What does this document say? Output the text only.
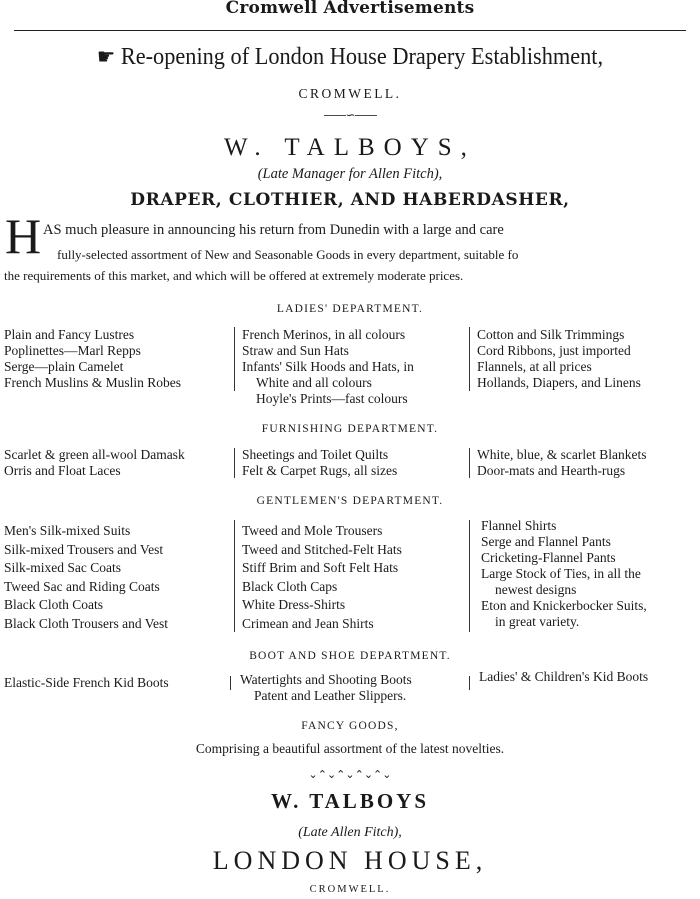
Cromwell Advertisements
☛ Re-opening of London House Drapery Establishment,
CROMWELL.
——∽——
W. TALBOYS,
(Late Manager for Allen Fitch),
DRAPER, CLOTHIER, AND HABERDASHER,
H AS much pleasure in announcing his return from Dunedin with a large and care
fully-selected assortment of New and Seasonable Goods in every department, suitable fo
the requirements of this market, and which will be offered at extremely moderate prices.
LADIES' DEPARTMENT.
Plain and Fancy Lustres
Poplinettes—Marl Repps
Serge—plain Camelet
French Muslins & Muslin Robes
French Merinos, in all colours
Straw and Sun Hats
Infants' Silk Hoods and Hats, in
White and all colours
Hoyle's Prints—fast colours
Cotton and Silk Trimmings
Cord Ribbons, just imported
Flannels, at all prices
Hollands, Diapers, and Linens
FURNISHING DEPARTMENT.
Scarlet & green all-wool Damask
Orris and Float Laces
Sheetings and Toilet Quilts
Felt & Carpet Rugs, all sizes
White, blue, & scarlet Blankets
Door-mats and Hearth-rugs
GENTLEMEN'S DEPARTMENT.
Men's Silk-mixed Suits
Silk-mixed Trousers and Vest
Silk-mixed Sac Coats
Tweed Sac and Riding Coats
Black Cloth Coats
Black Cloth Trousers and Vest
Tweed and Mole Trousers
Tweed and Stitched-Felt Hats
Stiff Brim and Soft Felt Hats
Black Cloth Caps
White Dress-Shirts
Crimean and Jean Shirts
Flannel Shirts
Serge and Flannel Pants
Cricketing-Flannel Pants
Large Stock of Ties, in all the
newest designs
Eton and Knickerbocker Suits,
in great variety.
BOOT AND SHOE DEPARTMENT.
Elastic-Side French Kid Boots	Watertights and Shooting Boots
Patent and Leather Slippers.
Ladies' & Children's Kid Boots
FANCY GOODS,
Comprising a beautiful assortment of the latest novelties.
⌄⌃⌄⌃⌄⌃⌄⌃⌄
W. TALBOYS
(Late Allen Fitch),
LONDON HOUSE,
CROMWELL.
